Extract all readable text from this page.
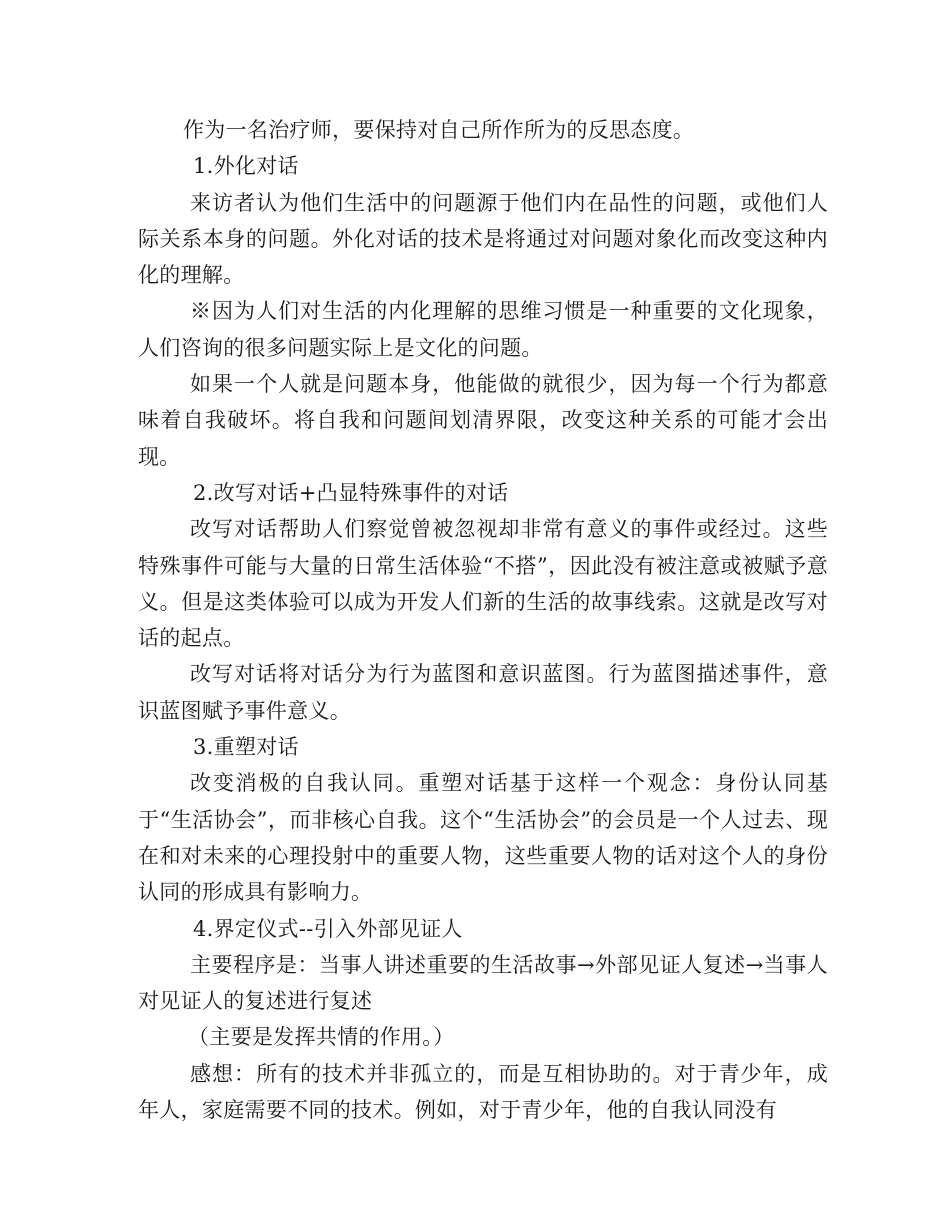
作为一名治疗师，要保持对自己所作所为的反思态度。

1.外化对话

来访者认为他们生活中的问题源于他们内在品性的问题，或他们人际关系本身的问题。外化对话的技术是将通过对问题对象化而改变这种内化的理解。

※因为人们对生活的内化理解的思维习惯是一种重要的文化现象，人们咨询的很多问题实际上是文化的问题。

如果一个人就是问题本身，他能做的就很少，因为每一个行为都意味着自我破坏。将自我和问题间划清界限，改变这种关系的可能才会出现。

2.改写对话+凸显特殊事件的对话

改写对话帮助人们察觉曾被忽视却非常有意义的事件或经过。这些特殊事件可能与大量的日常生活体验“不搭”，因此没有被注意或被赋予意义。但是这类体验可以成为开发人们新的生活的故事线索。这就是改写对话的起点。

改写对话将对话分为行为蓝图和意识蓝图。行为蓝图描述事件，意识蓝图赋予事件意义。

3.重塑对话

改变消极的自我认同。重塑对话基于这样一个观念：身份认同基于“生活协会”，而非核心自我。这个“生活协会”的会员是一个人过去、现在和对未来的心理投射中的重要人物，这些重要人物的话对这个人的身份认同的形成具有影响力。

4.界定仪式--引入外部见证人

主要程序是：当事人讲述重要的生活故事→外部见证人复述→当事人对见证人的复述进行复述

（主要是发挥共情的作用。）

感想：所有的技术并非孤立的，而是互相协助的。对于青少年，成年人，家庭需要不同的技术。例如，对于青少年，他的自我认同没有
